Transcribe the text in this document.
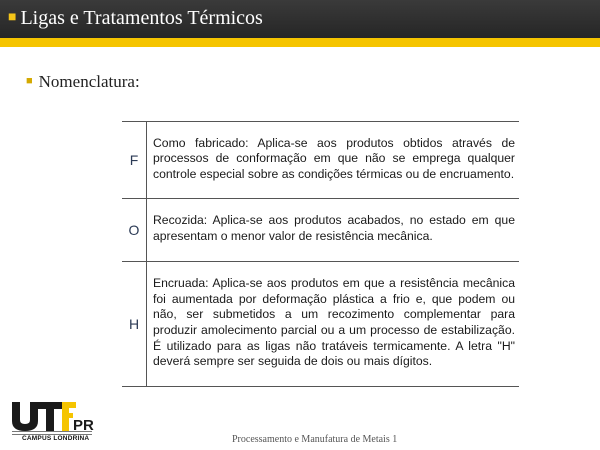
■ Ligas e Tratamentos Térmicos
■ Nomenclatura:
F	Como fabricado: Aplica-se aos produtos obtidos através de processos de conformação em que não se emprega qualquer controle especial sobre as condições térmicas ou de encruamento.
O	Recozida: Aplica-se aos produtos acabados, no estado em que apresentam o menor valor de resistência mecânica.
H	Encruada: Aplica-se aos produtos em que a resistência mecânica foi aumentada por deformação plástica a frio e, que podem ou não, ser submetidos a um recozimento complementar para produzir amolecimento parcial ou a um processo de estabilização. É utilizado para as ligas não tratáveis termicamente. A letra "H" deverá sempre ser seguida de dois ou mais dígitos.
PR
CAMPUS LONDRINA	Processamento e Manufatura de Metais 1
